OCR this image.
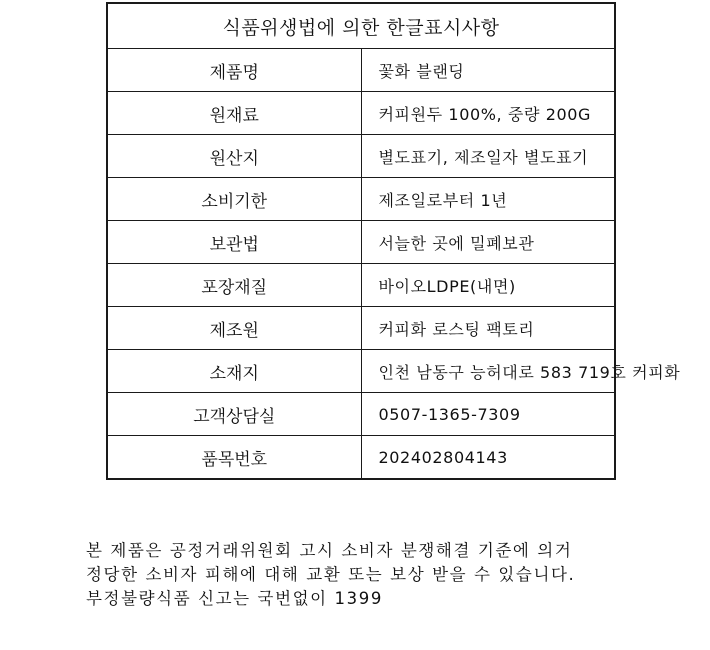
식품위생법에 의한 한글표시사항	
제품명	꽃화 블랜딩
원재료	커피원두 100%, 중량 200G
원산지	별도표기, 제조일자 별도표기
소비기한	제조일로부터 1년
보관법	서늘한 곳에 밀폐보관
포장재질	바이오LDPE(내면)
제조원	커피화 로스팅 팩토리
소재지	인천 남동구 능허대로 583 719호 커피화
고객상담실	0507-1365-7309
품목번호	202402804143
본 제품은 공정거래위원회 고시 소비자 분쟁해결 기준에 의거
정당한 소비자 피해에 대해 교환 또는 보상 받을 수 있습니다.
부정불량식품 신고는 국번없이 1399
